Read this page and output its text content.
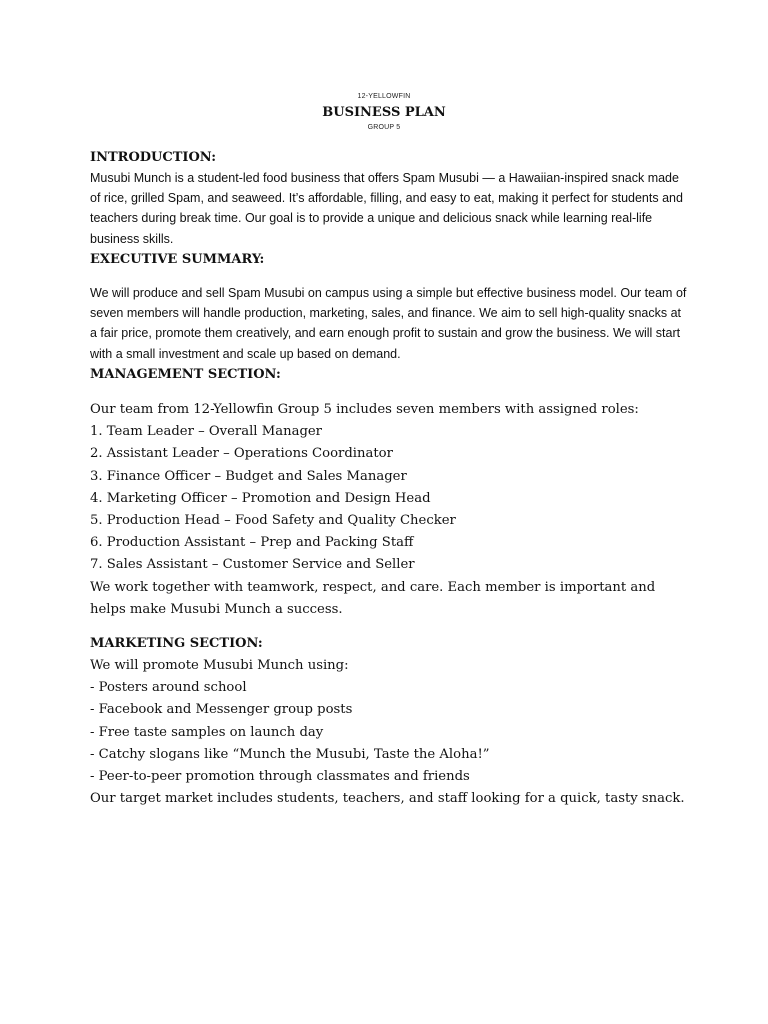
12-YELLOWFIN
BUSINESS PLAN
GROUP 5
INTRODUCTION:

Musubi Munch is a student-led food business that offers Spam Musubi — a Hawaiian-inspired snack made of rice, grilled Spam, and seaweed. It’s affordable, filling, and easy to eat, making it perfect for students and teachers during break time. Our goal is to provide a unique and delicious snack while learning real-life business skills.

EXECUTIVE SUMMARY:

We will produce and sell Spam Musubi on campus using a simple but effective business model. Our team of seven members will handle production, marketing, sales, and finance. We aim to sell high-quality snacks at a fair price, promote them creatively, and earn enough profit to sustain and grow the business. We will start with a small investment and scale up based on demand.

MANAGEMENT SECTION:

Our team from 12-Yellowfin Group 5 includes seven members with assigned roles:

1. Team Leader – Overall Manager

2. Assistant Leader – Operations Coordinator

3. Finance Officer – Budget and Sales Manager

4. Marketing Officer – Promotion and Design Head

5. Production Head – Food Safety and Quality Checker

6. Production Assistant – Prep and Packing Staff

7. Sales Assistant – Customer Service and Seller

We work together with teamwork, respect, and care. Each member is important and helps make Musubi Munch a success.

MARKETING SECTION:

We will promote Musubi Munch using:

- Posters around school

- Facebook and Messenger group posts

- Free taste samples on launch day

- Catchy slogans like “Munch the Musubi, Taste the Aloha!”

- Peer-to-peer promotion through classmates and friends

Our target market includes students, teachers, and staff looking for a quick, tasty snack.
